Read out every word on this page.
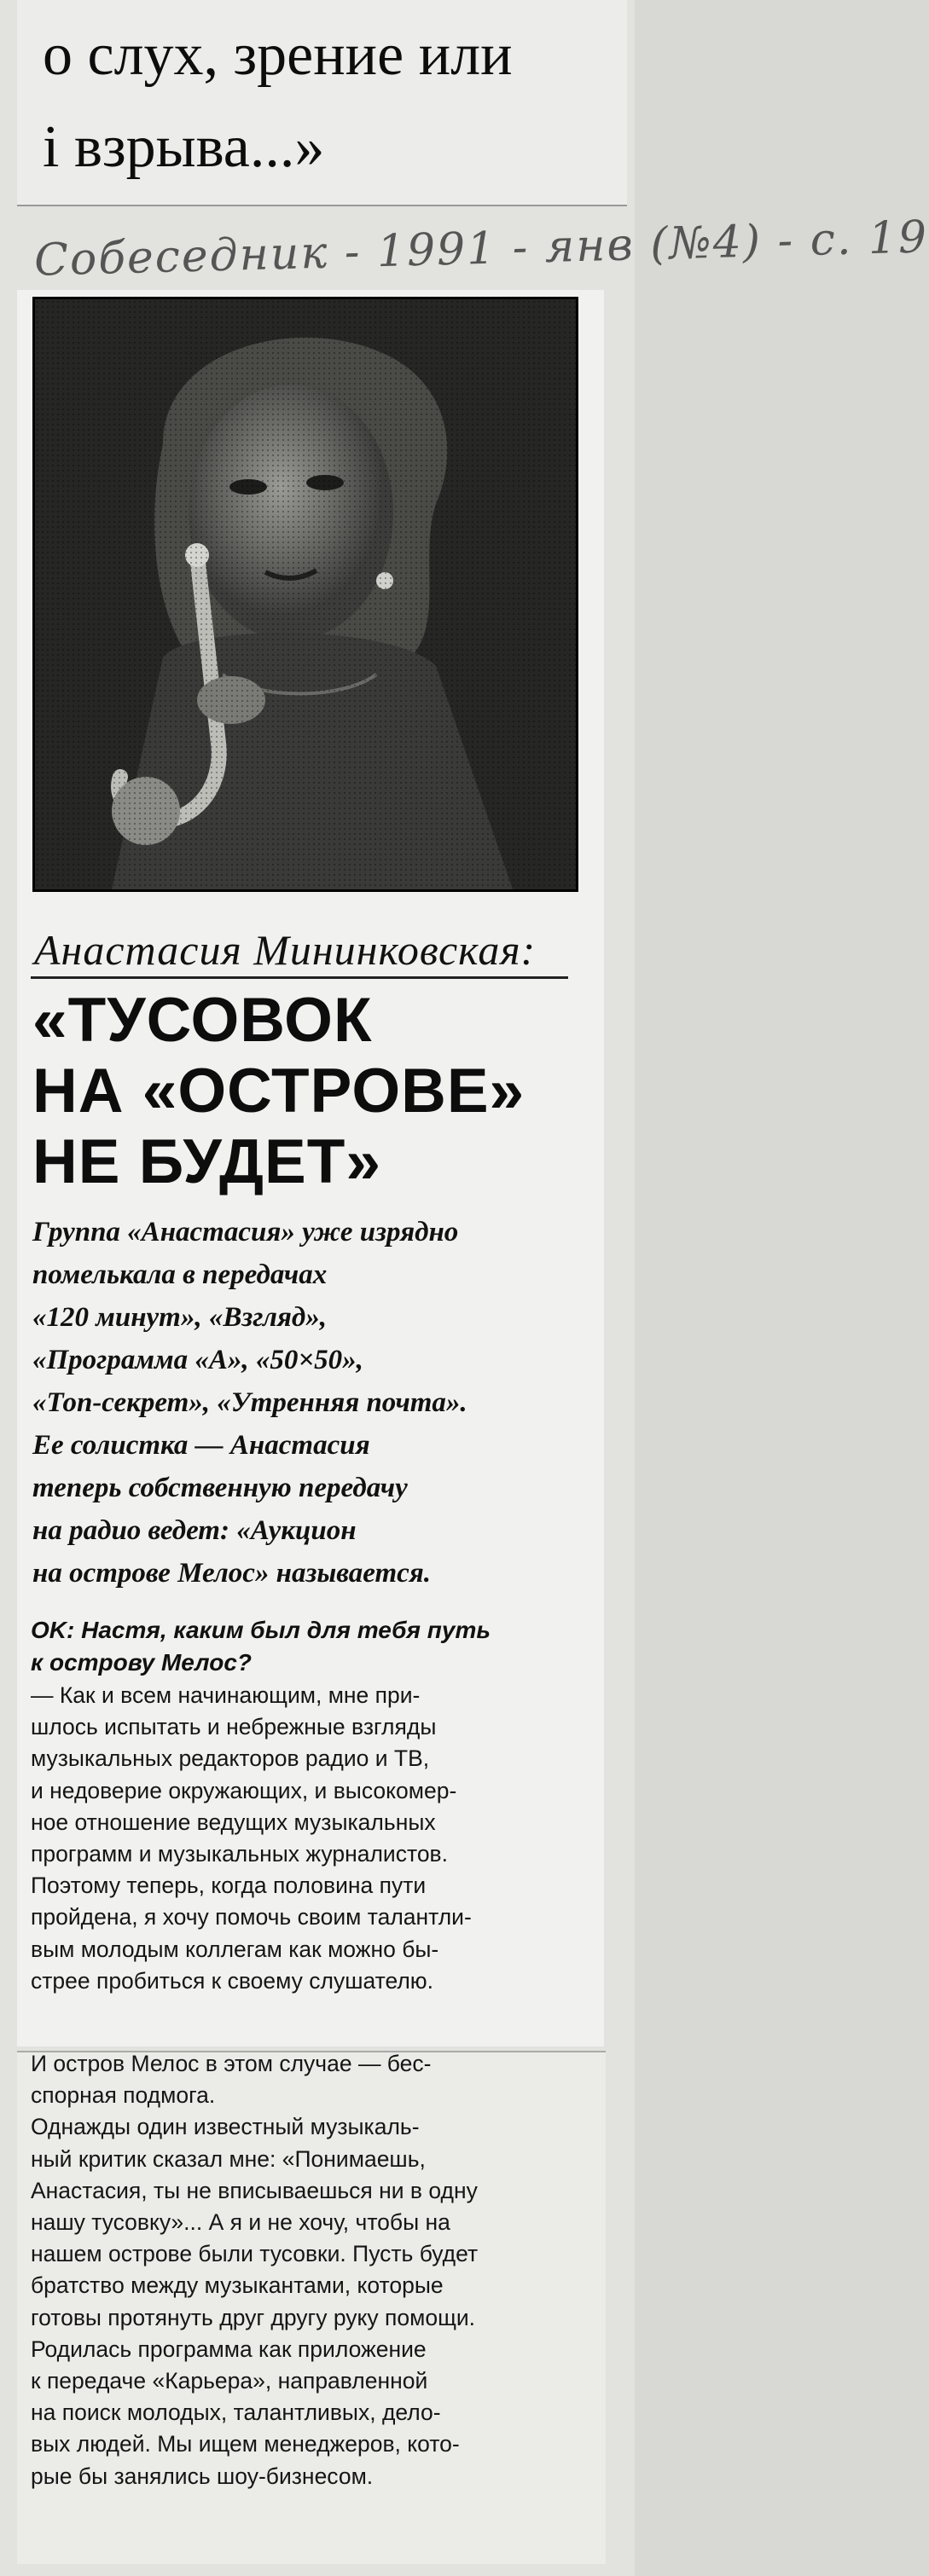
о слух, зрение или
і взрыва...»
Собеседник - 1991 - янв (№4) - с. 19
Анастасия Мининковская:
«ТУСОВОК
НА «ОСТРОВЕ»
НЕ БУДЕТ»
Группа «Анастасия» уже изрядно
помелькала в передачах
«120 минут», «Взгляд»,
«Программа «А», «50×50»,
«Топ-секрет», «Утренняя почта».
Ее солистка — Анастасия
теперь собственную передачу
на радио ведет: «Аукцион
на острове Мелос» называется.
OK: Настя, каким был для тебя путь
к острову Мелос?
— Как и всем начинающим, мне при-
шлось испытать и небрежные взгляды
музыкальных редакторов радио и ТВ,
и недоверие окружающих, и высокомер-
ное отношение ведущих музыкальных
программ и музыкальных журналистов.
Поэтому теперь, когда половина пути
пройдена, я хочу помочь своим талантли-
вым молодым коллегам как можно бы-
стрее пробиться к своему слушателю.
И остров Мелос в этом случае — бес-
спорная подмога.
Однажды один известный музыкаль-
ный критик сказал мне: «Понимаешь,
Анастасия, ты не вписываешься ни в одну
нашу тусовку»... А я и не хочу, чтобы на
нашем острове были тусовки. Пусть будет
братство между музыкантами, которые
готовы протянуть друг другу руку помощи.
Родилась программа как приложение
к передаче «Карьера», направленной
на поиск молодых, талантливых, дело-
вых людей. Мы ищем менеджеров, кото-
рые бы занялись шоу-бизнесом.
